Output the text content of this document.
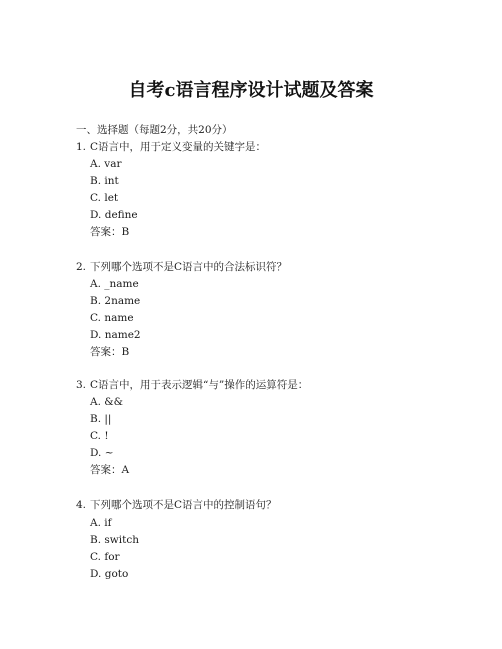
自考c语言程序设计试题及答案
一、选择题（每题2分，共20分）
1. C语言中，用于定义变量的关键字是：
A. var
B. int
C. let
D. define
答案：B
2. 下列哪个选项不是C语言中的合法标识符？
A. _name
B. 2name
C. name
D. name2
答案：B
3. C语言中，用于表示逻辑“与”操作的运算符是：
A. &&
B. ||
C. !
D. ~
答案：A
4. 下列哪个选项不是C语言中的控制语句？
A. if
B. switch
C. for
D. goto
